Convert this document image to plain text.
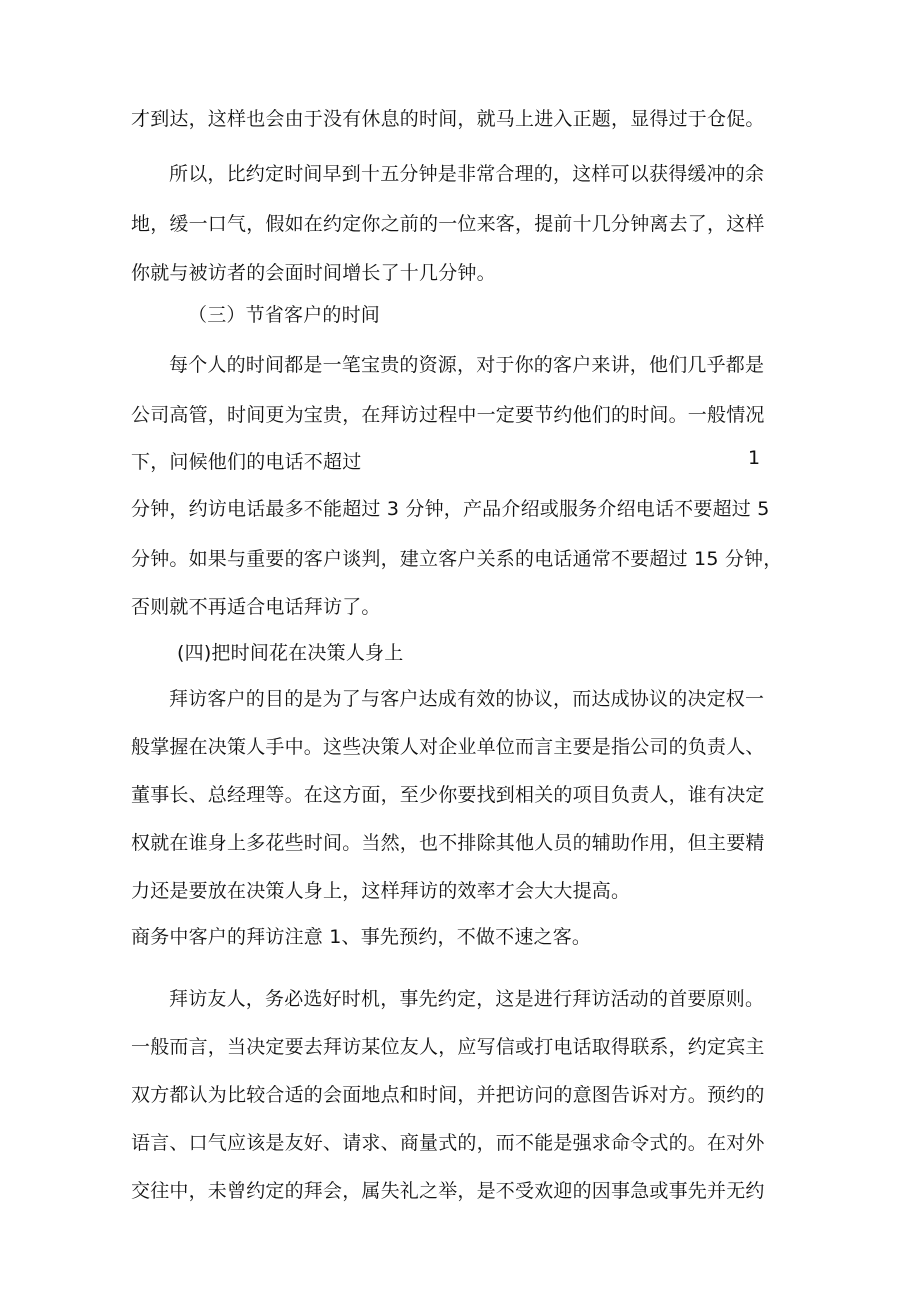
才到达，这样也会由于没有休息的时间，就马上进入正题，显得过于仓促。
所以，比约定时间早到十五分钟是非常合理的，这样可以获得缓冲的余
地，缓一口气，假如在约定你之前的一位来客，提前十几分钟离去了，这样
你就与被访者的会面时间增长了十几分钟。
（三）节省客户的时间
每个人的时间都是一笔宝贵的资源，对于你的客户来讲，他们几乎都是
公司高管，时间更为宝贵，在拜访过程中一定要节约他们的时间。一般情况
下，问候他们的电话不超过	1
分钟，约访电话最多不能超过 3 分钟，产品介绍或服务介绍电话不要超过 5
分钟。如果与重要的客户谈判，建立客户关系的电话通常不要超过 15 分钟，
否则就不再适合电话拜访了。
(四)把时间花在决策人身上
拜访客户的目的是为了与客户达成有效的协议，而达成协议的决定权一
般掌握在决策人手中。这些决策人对企业单位而言主要是指公司的负责人、
董事长、总经理等。在这方面，至少你要找到相关的项目负责人，谁有决定
权就在谁身上多花些时间。当然，也不排除其他人员的辅助作用，但主要精
力还是要放在决策人身上，这样拜访的效率才会大大提高。
商务中客户的拜访注意 1、事先预约，不做不速之客。
拜访友人，务必选好时机，事先约定，这是进行拜访活动的首要原则。
一般而言，当决定要去拜访某位友人，应写信或打电话取得联系，约定宾主
双方都认为比较合适的会面地点和时间，并把访问的意图告诉对方。预约的
语言、口气应该是友好、请求、商量式的，而不能是强求命令式的。在对外
交往中，未曾约定的拜会，属失礼之举，是不受欢迎的因事急或事先并无约
